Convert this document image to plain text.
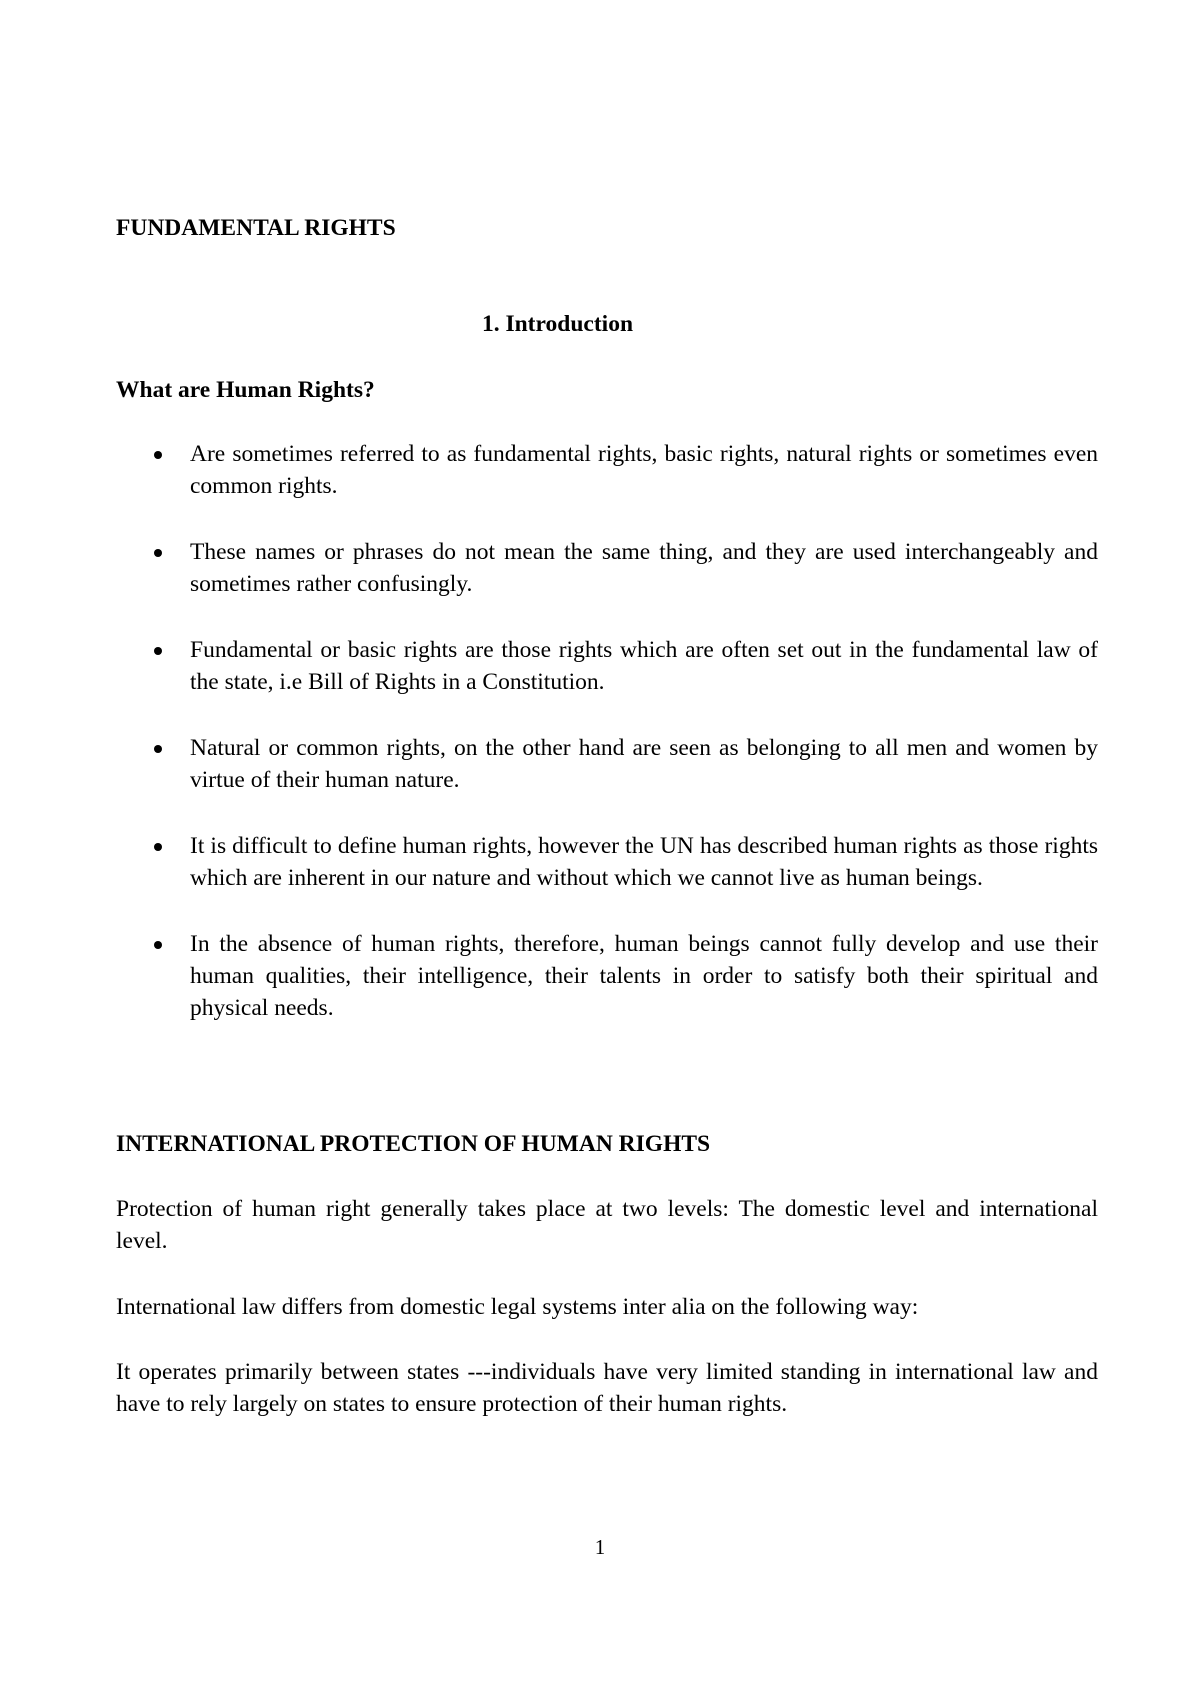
FUNDAMENTAL RIGHTS
1. Introduction
What are Human Rights?
Are sometimes referred to as fundamental rights, basic rights, natural rights or sometimes even common rights.
These names or phrases do not mean the same thing, and they are used interchangeably and sometimes rather confusingly.
Fundamental or basic rights are those rights which are often set out in the fundamental law of the state, i.e Bill of Rights in a Constitution.
Natural or common rights, on the other hand are seen as belonging to all men and women by virtue of their human nature.
It is difficult to define human rights, however the UN has described human rights as those rights which are inherent in our nature and without which we cannot live as human beings.
In the absence of human rights, therefore, human beings cannot fully develop and use their human qualities, their intelligence, their talents in order to satisfy both their spiritual and physical needs.
INTERNATIONAL PROTECTION OF HUMAN RIGHTS
Protection of human right generally takes place at two levels: The domestic level and international level.
International law differs from domestic legal systems inter alia on the following way:
It operates primarily between states ---individuals have very limited standing in international law and have to rely largely on states to ensure protection of their human rights.
1
